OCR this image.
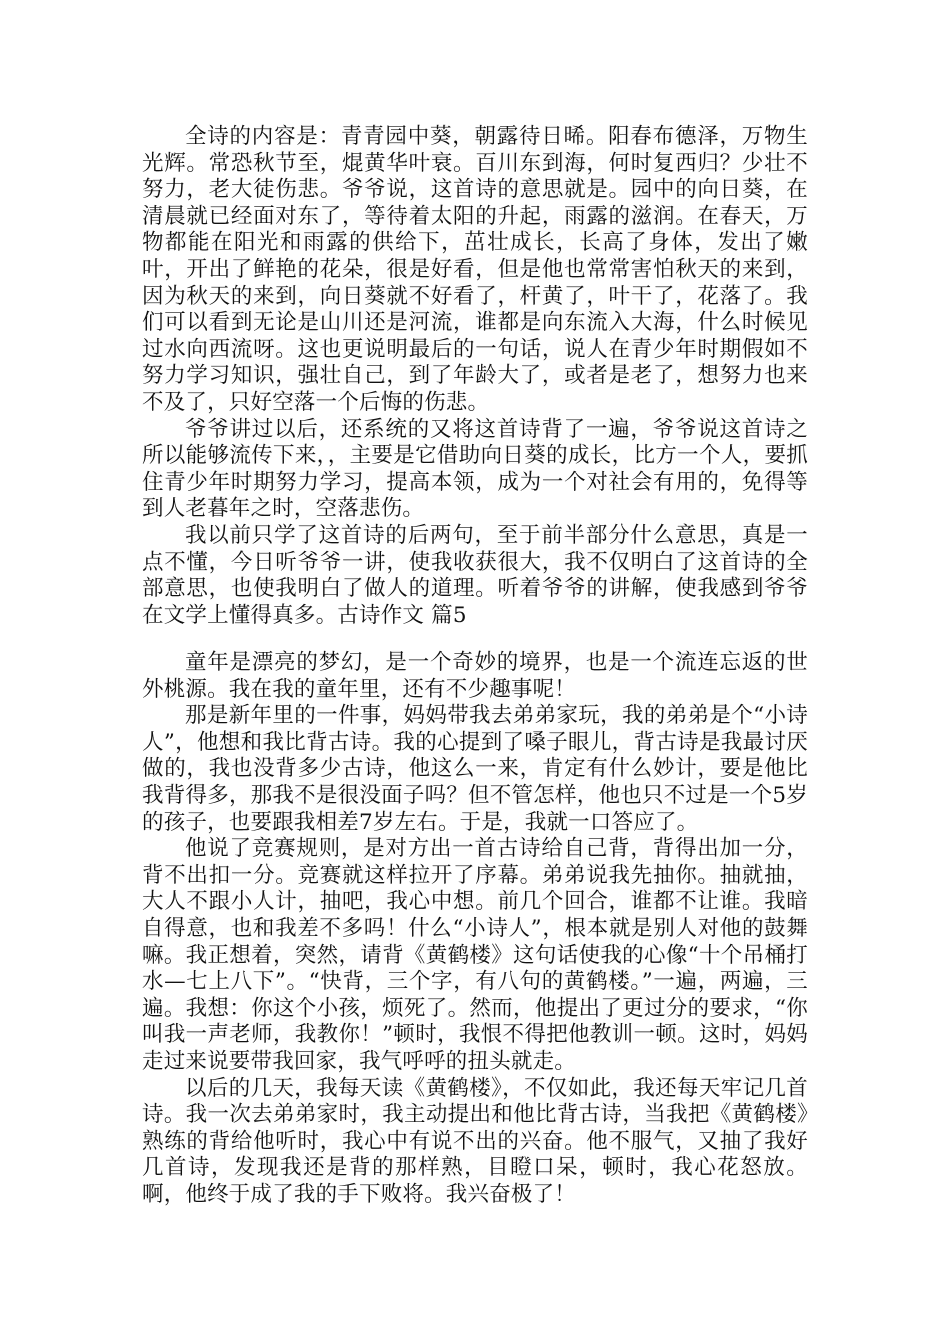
全诗的内容是：青青园中葵，朝露待日晞。阳春布德泽，万物生光辉。常恐秋节至，焜黄华叶衰。百川东到海，何时复西归？少壮不努力，老大徒伤悲。爷爷说，这首诗的意思就是。园中的向日葵，在清晨就已经面对东了，等待着太阳的升起，雨露的滋润。在春天，万物都能在阳光和雨露的供给下，茁壮成长，长高了身体，发出了嫩叶，开出了鲜艳的花朵，很是好看，但是他也常常害怕秋天的来到，因为秋天的来到，向日葵就不好看了，杆黄了，叶干了，花落了。我们可以看到无论是山川还是河流，谁都是向东流入大海，什么时候见过水向西流呀。这也更说明最后的一句话，说人在青少年时期假如不努力学习知识，强壮自己，到了年龄大了，或者是老了，想努力也来不及了，只好空落一个后悔的伤悲。

爷爷讲过以后，还系统的又将这首诗背了一遍，爷爷说这首诗之所以能够流传下来，，主要是它借助向日葵的成长，比方一个人，要抓住青少年时期努力学习，提高本领，成为一个对社会有用的，免得等到人老暮年之时，空落悲伤。

我以前只学了这首诗的后两句，至于前半部分什么意思，真是一点不懂，今日听爷爷一讲，使我收获很大，我不仅明白了这首诗的全部意思，也使我明白了做人的道理。听着爷爷的讲解，使我感到爷爷在文学上懂得真多。古诗作文 篇5

童年是漂亮的梦幻，是一个奇妙的境界，也是一个流连忘返的世外桃源。我在我的童年里，还有不少趣事呢！

那是新年里的一件事，妈妈带我去弟弟家玩，我的弟弟是个“小诗人”，他想和我比背古诗。我的心提到了嗓子眼儿，背古诗是我最讨厌做的，我也没背多少古诗，他这么一来，肯定有什么妙计，要是他比我背得多，那我不是很没面子吗？但不管怎样，他也只不过是一个5岁的孩子，也要跟我相差7岁左右。于是，我就一口答应了。

他说了竞赛规则，是对方出一首古诗给自己背，背得出加一分，背不出扣一分。竞赛就这样拉开了序幕。弟弟说我先抽你。抽就抽，大人不跟小人计，抽吧，我心中想。前几个回合，谁都不让谁。我暗自得意，也和我差不多吗！什么“小诗人”，根本就是别人对他的鼓舞嘛。我正想着，突然，请背《黄鹤楼》这句话使我的心像“十个吊桶打水—七上八下”。“快背，三个字，有八句的黄鹤楼。”一遍，两遍，三遍。我想：你这个小孩，烦死了。然而，他提出了更过分的要求，“你叫我一声老师，我教你！”顿时，我恨不得把他教训一顿。这时，妈妈走过来说要带我回家，我气呼呼的扭头就走。

以后的几天，我每天读《黄鹤楼》，不仅如此，我还每天牢记几首诗。我一次去弟弟家时，我主动提出和他比背古诗，当我把《黄鹤楼》熟练的背给他听时，我心中有说不出的兴奋。他不服气，又抽了我好几首诗，发现我还是背的那样熟，目瞪口呆，顿时，我心花怒放。啊，他终于成了我的手下败将。我兴奋极了！
